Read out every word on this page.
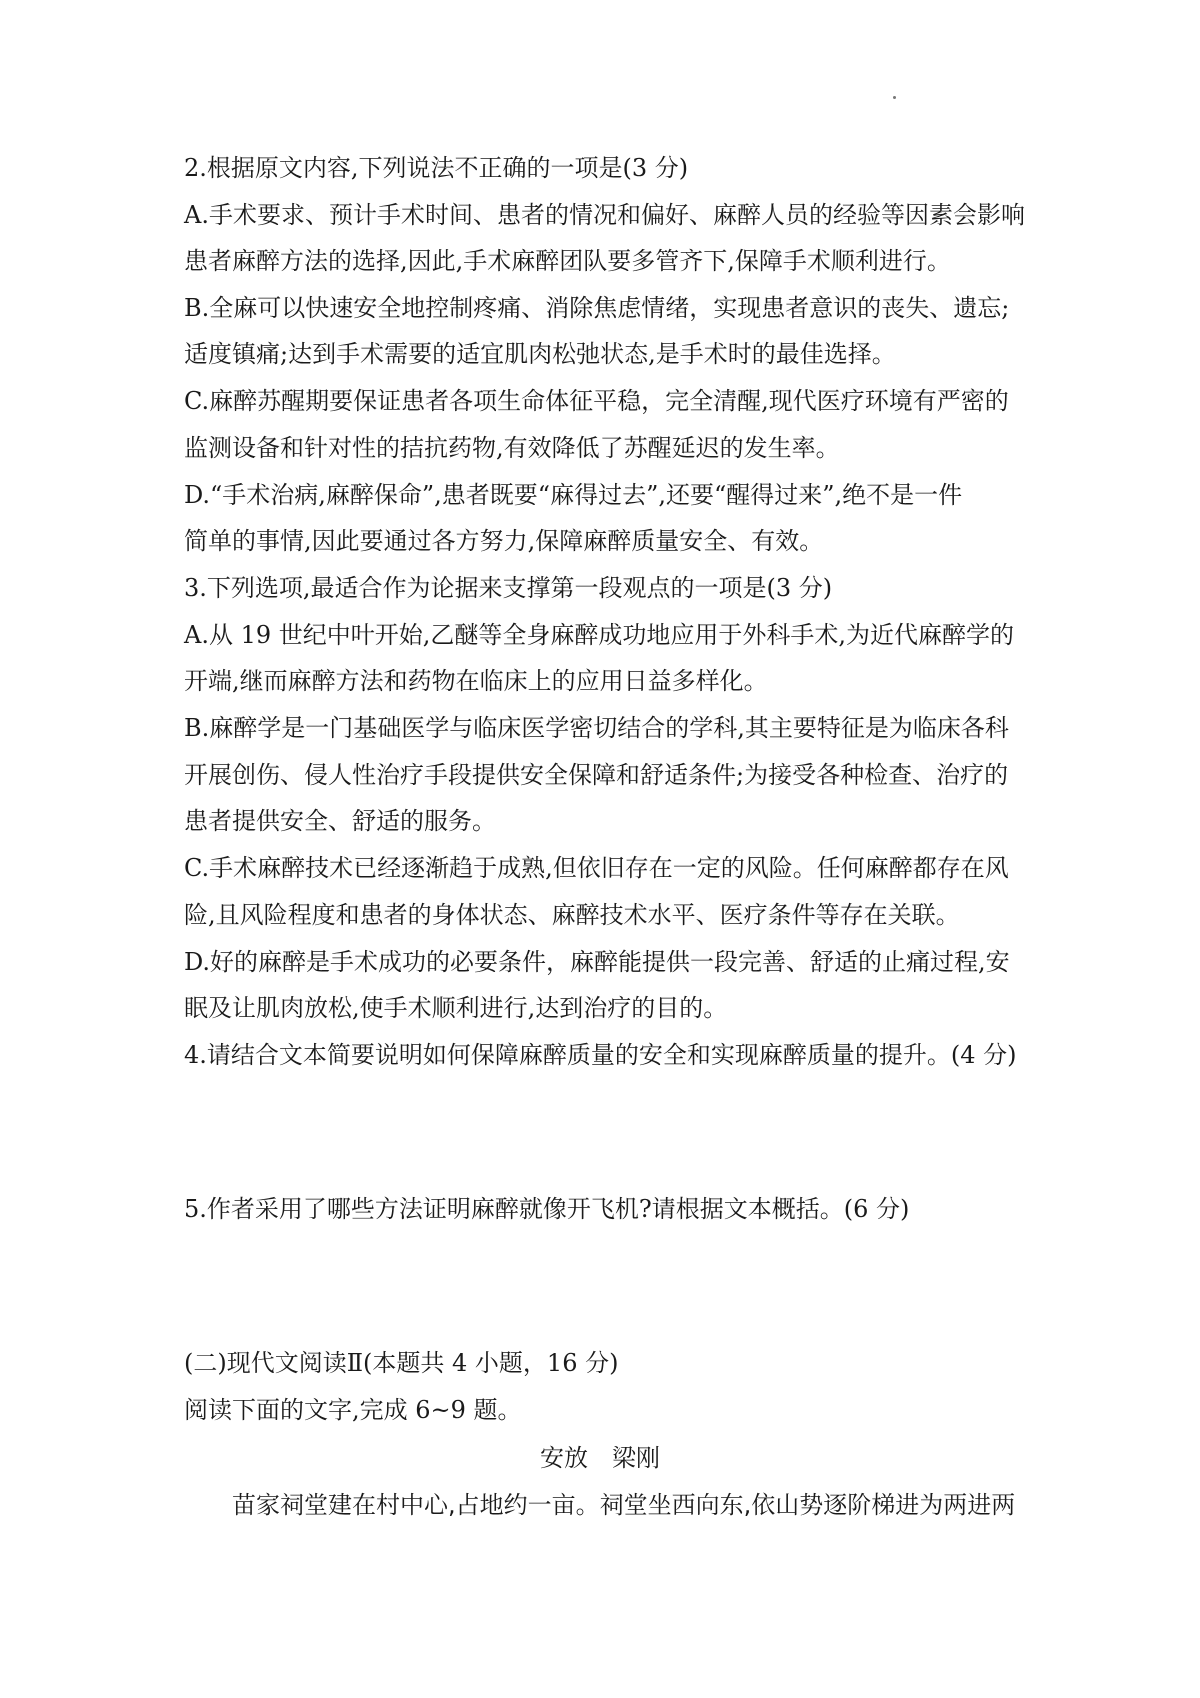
2.根据原文内容,下列说法不正确的一项是(3 分)
A.手术要求、预计手术时间、患者的情况和偏好、麻醉人员的经验等因素会影响
患者麻醉方法的选择,因此,手术麻醉团队要多管齐下,保障手术顺利进行。
B.全麻可以快速安全地控制疼痛、消除焦虑情绪，实现患者意识的丧失、遗忘;
适度镇痛;达到手术需要的适宜肌肉松弛状态,是手术时的最佳选择。
C.麻醉苏醒期要保证患者各项生命体征平稳，完全清醒,现代医疗环境有严密的
监测设备和针对性的拮抗药物,有效降低了苏醒延迟的发生率。
D.“手术治病,麻醉保命”,患者既要“麻得过去”,还要“醒得过来”,绝不是一件
简单的事情,因此要通过各方努力,保障麻醉质量安全、有效。
3.下列选项,最适合作为论据来支撑第一段观点的一项是(3 分)
A.从 19 世纪中叶开始,乙醚等全身麻醉成功地应用于外科手术,为近代麻醉学的
开端,继而麻醉方法和药物在临床上的应用日益多样化。
B.麻醉学是一门基础医学与临床医学密切结合的学科,其主要特征是为临床各科
开展创伤、侵人性治疗手段提供安全保障和舒适条件;为接受各种检查、治疗的
患者提供安全、舒适的服务。
C.手术麻醉技术已经逐渐趋于成熟,但依旧存在一定的风险。任何麻醉都存在风
险,且风险程度和患者的身体状态、麻醉技术水平、医疗条件等存在关联。
D.好的麻醉是手术成功的必要条件，麻醉能提供一段完善、舒适的止痛过程,安
眠及让肌肉放松,使手术顺利进行,达到治疗的目的。
4.请结合文本简要说明如何保障麻醉质量的安全和实现麻醉质量的提升。(4 分)
5.作者采用了哪些方法证明麻醉就像开飞机?请根据文本概括。(6 分)
(二)现代文阅读Ⅱ(本题共 4 小题，16 分)
阅读下面的文字,完成 6~9 题。
安放　梁刚
苗家祠堂建在村中心,占地约一亩。祠堂坐西向东,依山势逐阶梯进为两进两
